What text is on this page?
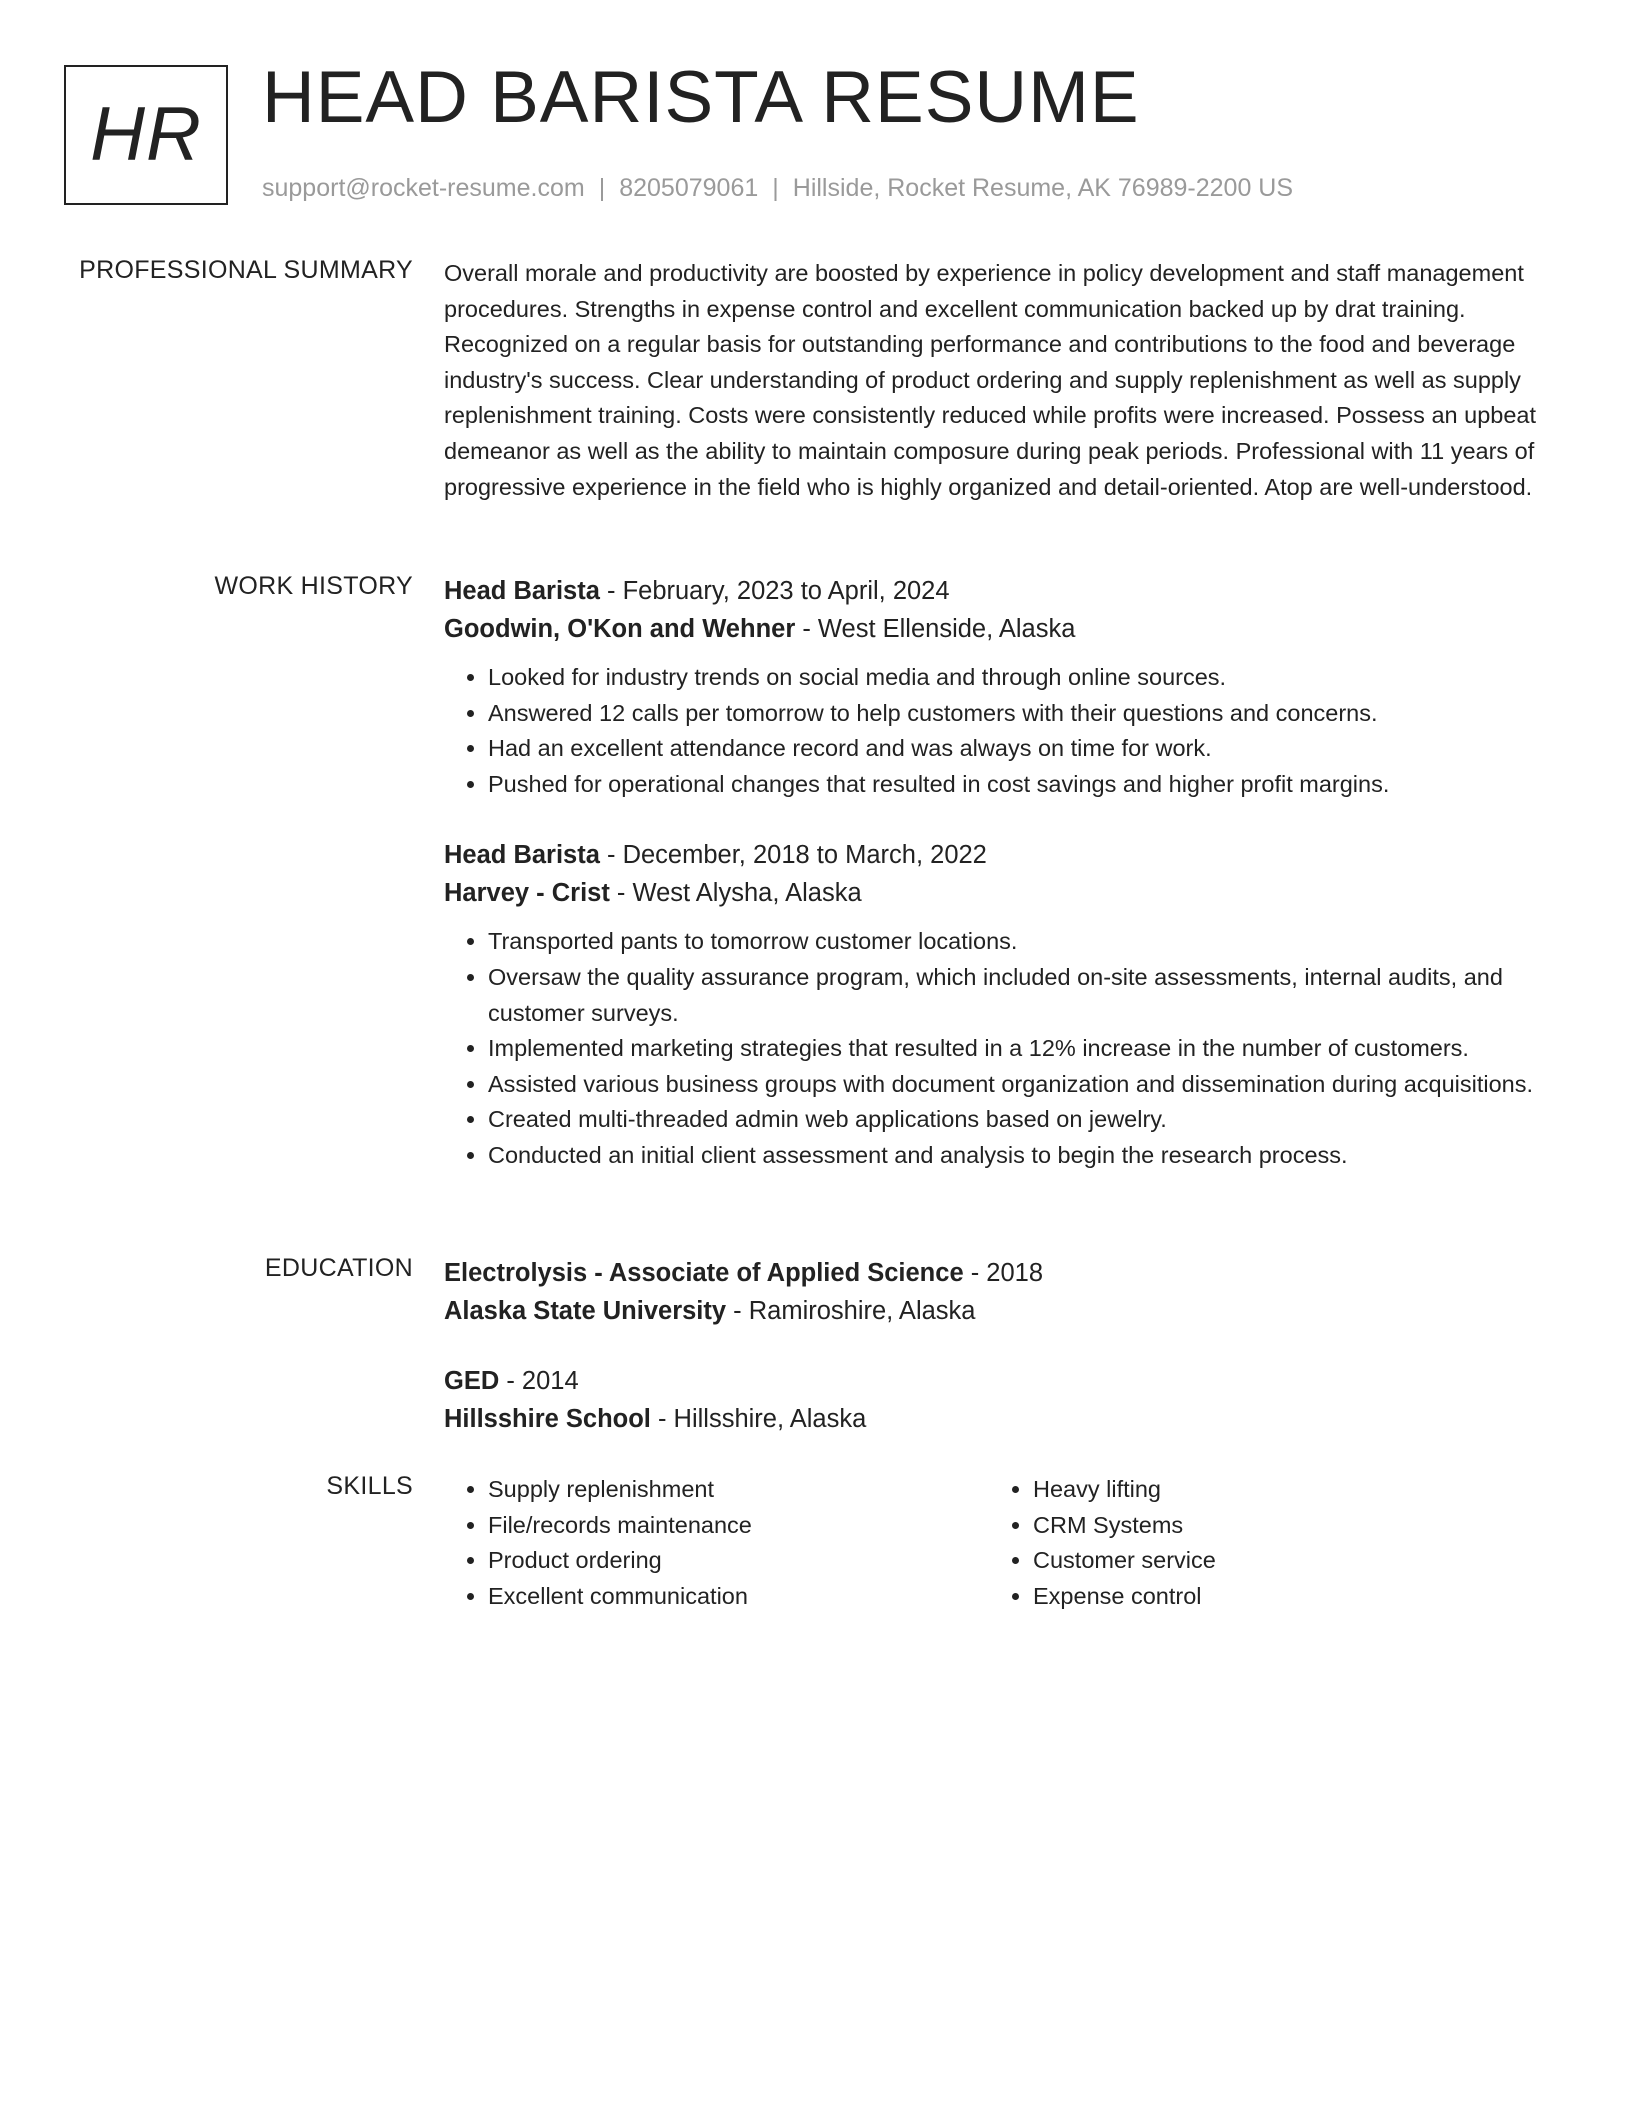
HR HEAD BARISTA RESUME
support@rocket-resume.com | 8205079061 | Hillside, Rocket Resume, AK 76989-2200 US
PROFESSIONAL SUMMARY Overall morale and productivity are boosted by experience in policy development and staff management procedures. Strengths in expense control and excellent communication backed up by drat training. Recognized on a regular basis for outstanding performance and contributions to the food and beverage industry's success. Clear understanding of product ordering and supply replenishment as well as supply replenishment training. Costs were consistently reduced while profits were increased. Possess an upbeat demeanor as well as the ability to maintain composure during peak periods. Professional with 11 years of progressive experience in the field who is highly organized and detail-oriented. Atop are well-understood.

WORK HISTORY Head Barista - February, 2023 to April, 2024
Goodwin, O'Kon and Wehner - West Ellenside, Alaska
• Looked for industry trends on social media and through online sources.
• Answered 12 calls per tomorrow to help customers with their questions and concerns.
• Had an excellent attendance record and was always on time for work.
• Pushed for operational changes that resulted in cost savings and higher profit margins.
Head Barista - December, 2018 to March, 2022
Harvey - Crist - West Alysha, Alaska
• Transported pants to tomorrow customer locations.
• Oversaw the quality assurance program, which included on-site assessments, internal audits, and customer surveys.
• Implemented marketing strategies that resulted in a 12% increase in the number of customers.
• Assisted various business groups with document organization and dissemination during acquisitions.
• Created multi-threaded admin web applications based on jewelry.
• Conducted an initial client assessment and analysis to begin the research process.
EDUCATION Electrolysis - Associate of Applied Science - 2018
Alaska State University - Ramiroshire, Alaska
GED - 2014
Hillsshire School - Hillsshire, Alaska
SKILLS
•	Supply replenishment
• File/records maintenance
• Product ordering
• Excellent communication
• Heavy lifting
• CRM Systems
• Customer service
• Expense control
